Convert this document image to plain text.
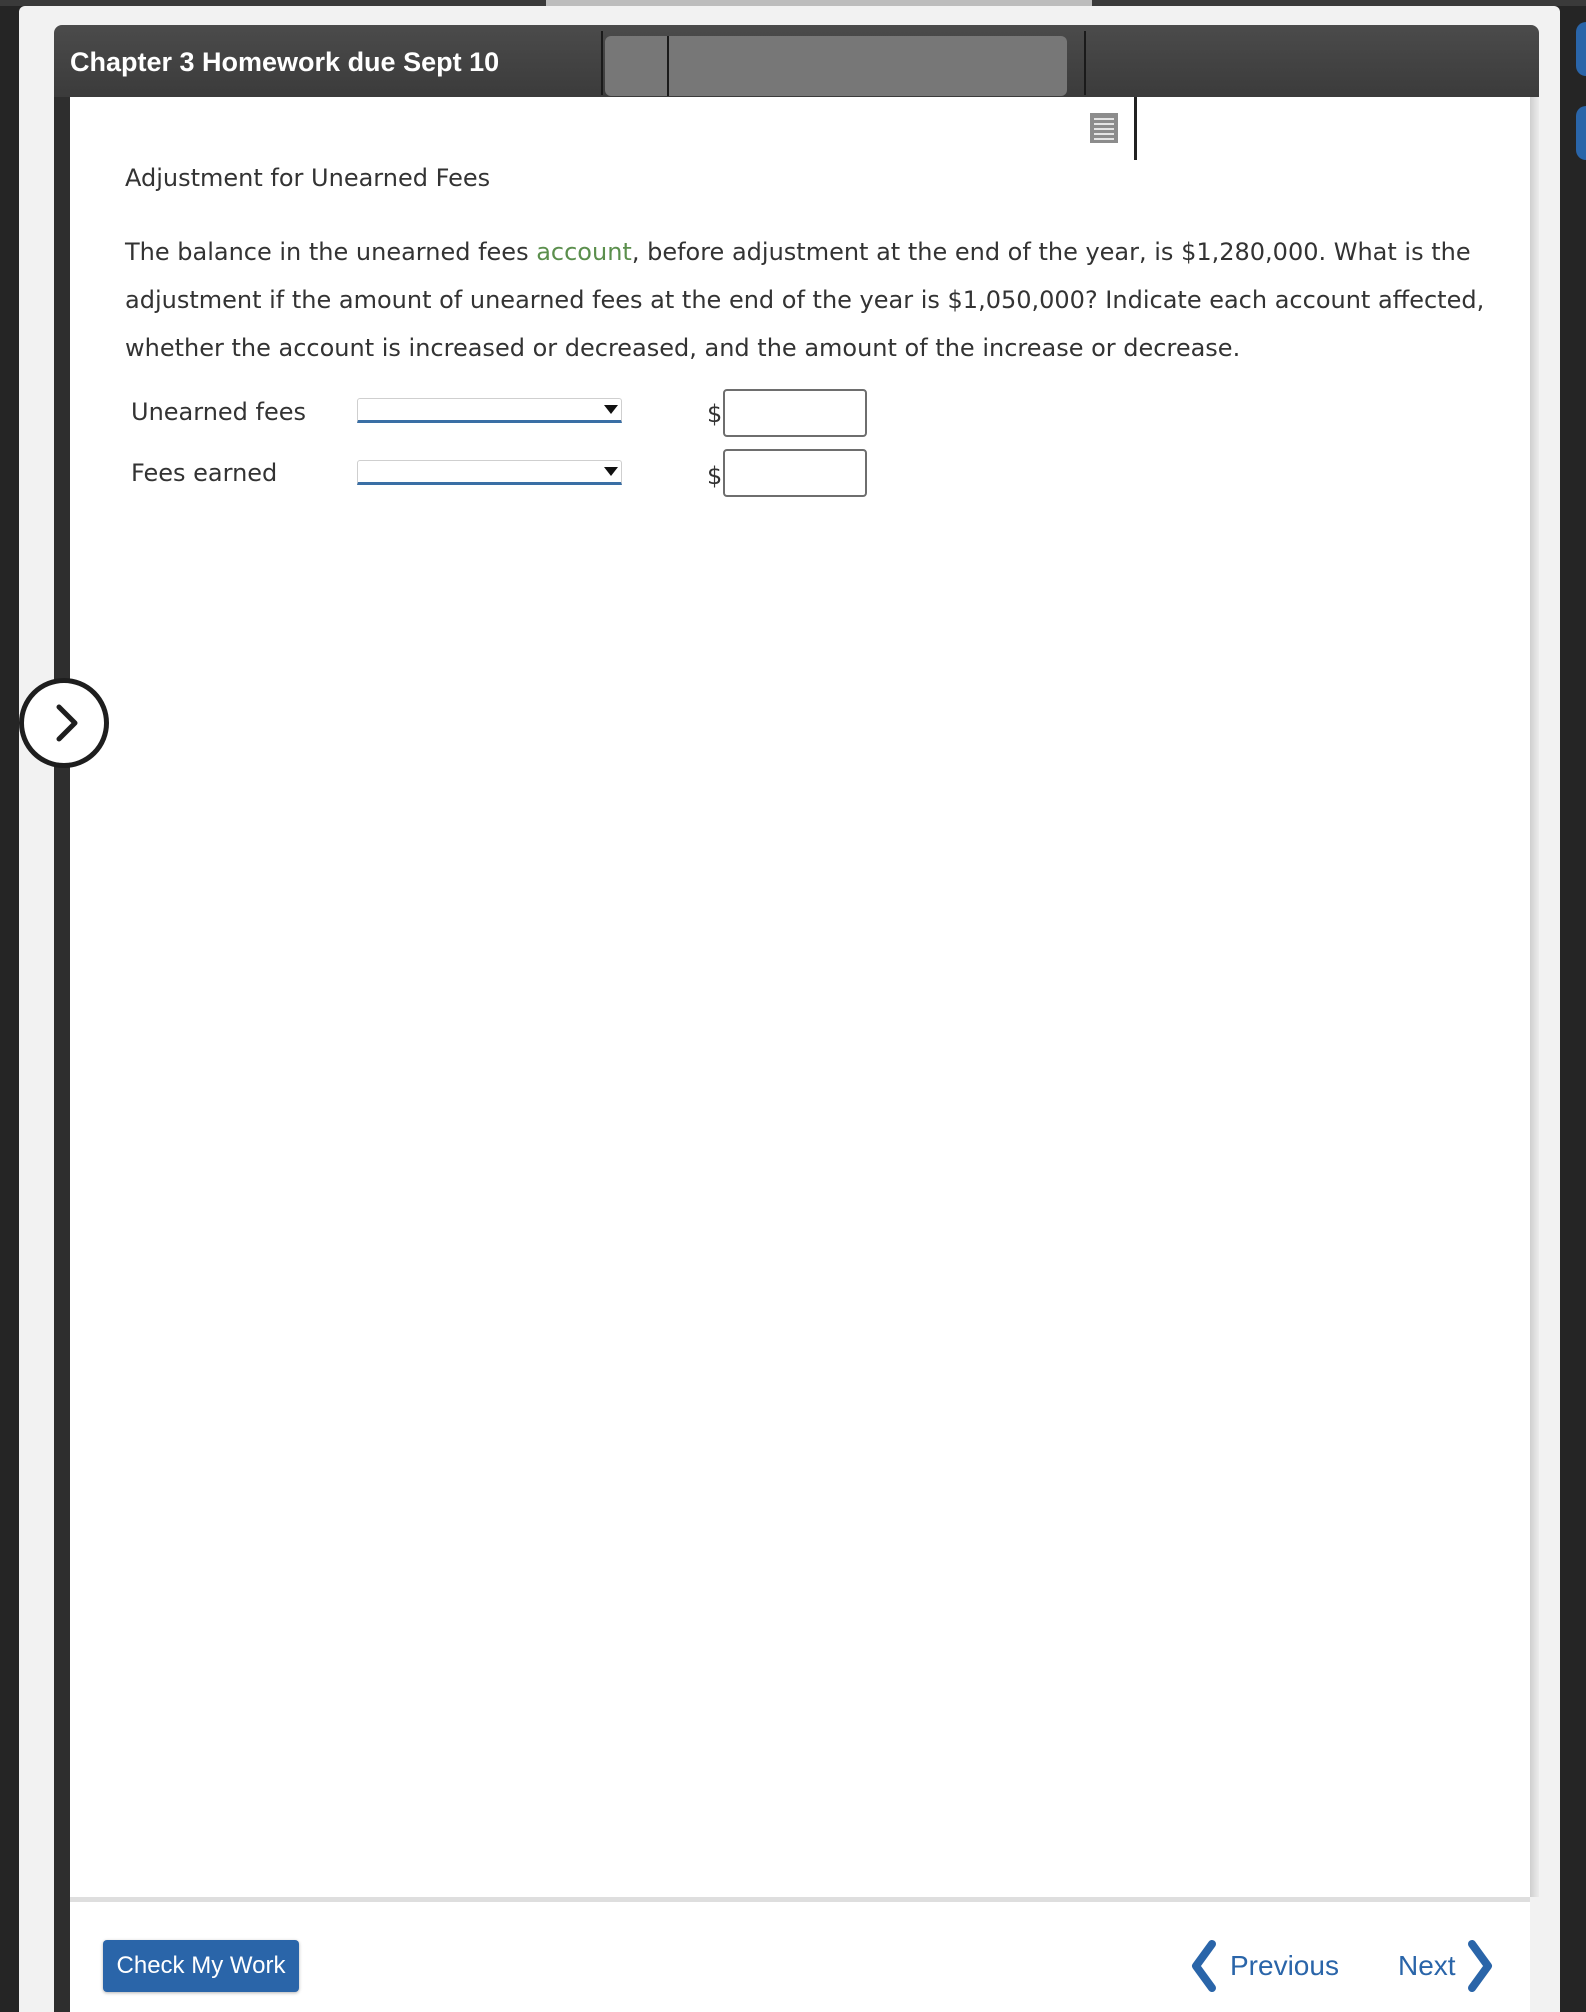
Chapter 3 Homework due Sept 10
Adjustment for Unearned Fees
The balance in the unearned fees account, before adjustment at the end of the year, is $1,280,000. What is the adjustment if the amount of unearned fees at the end of the year is $1,050,000? Indicate each account affected, whether the account is increased or decreased, and the amount of the increase or decrease.
Unearned fees	$
Fees earned	$
Check My Work	Previous Next
